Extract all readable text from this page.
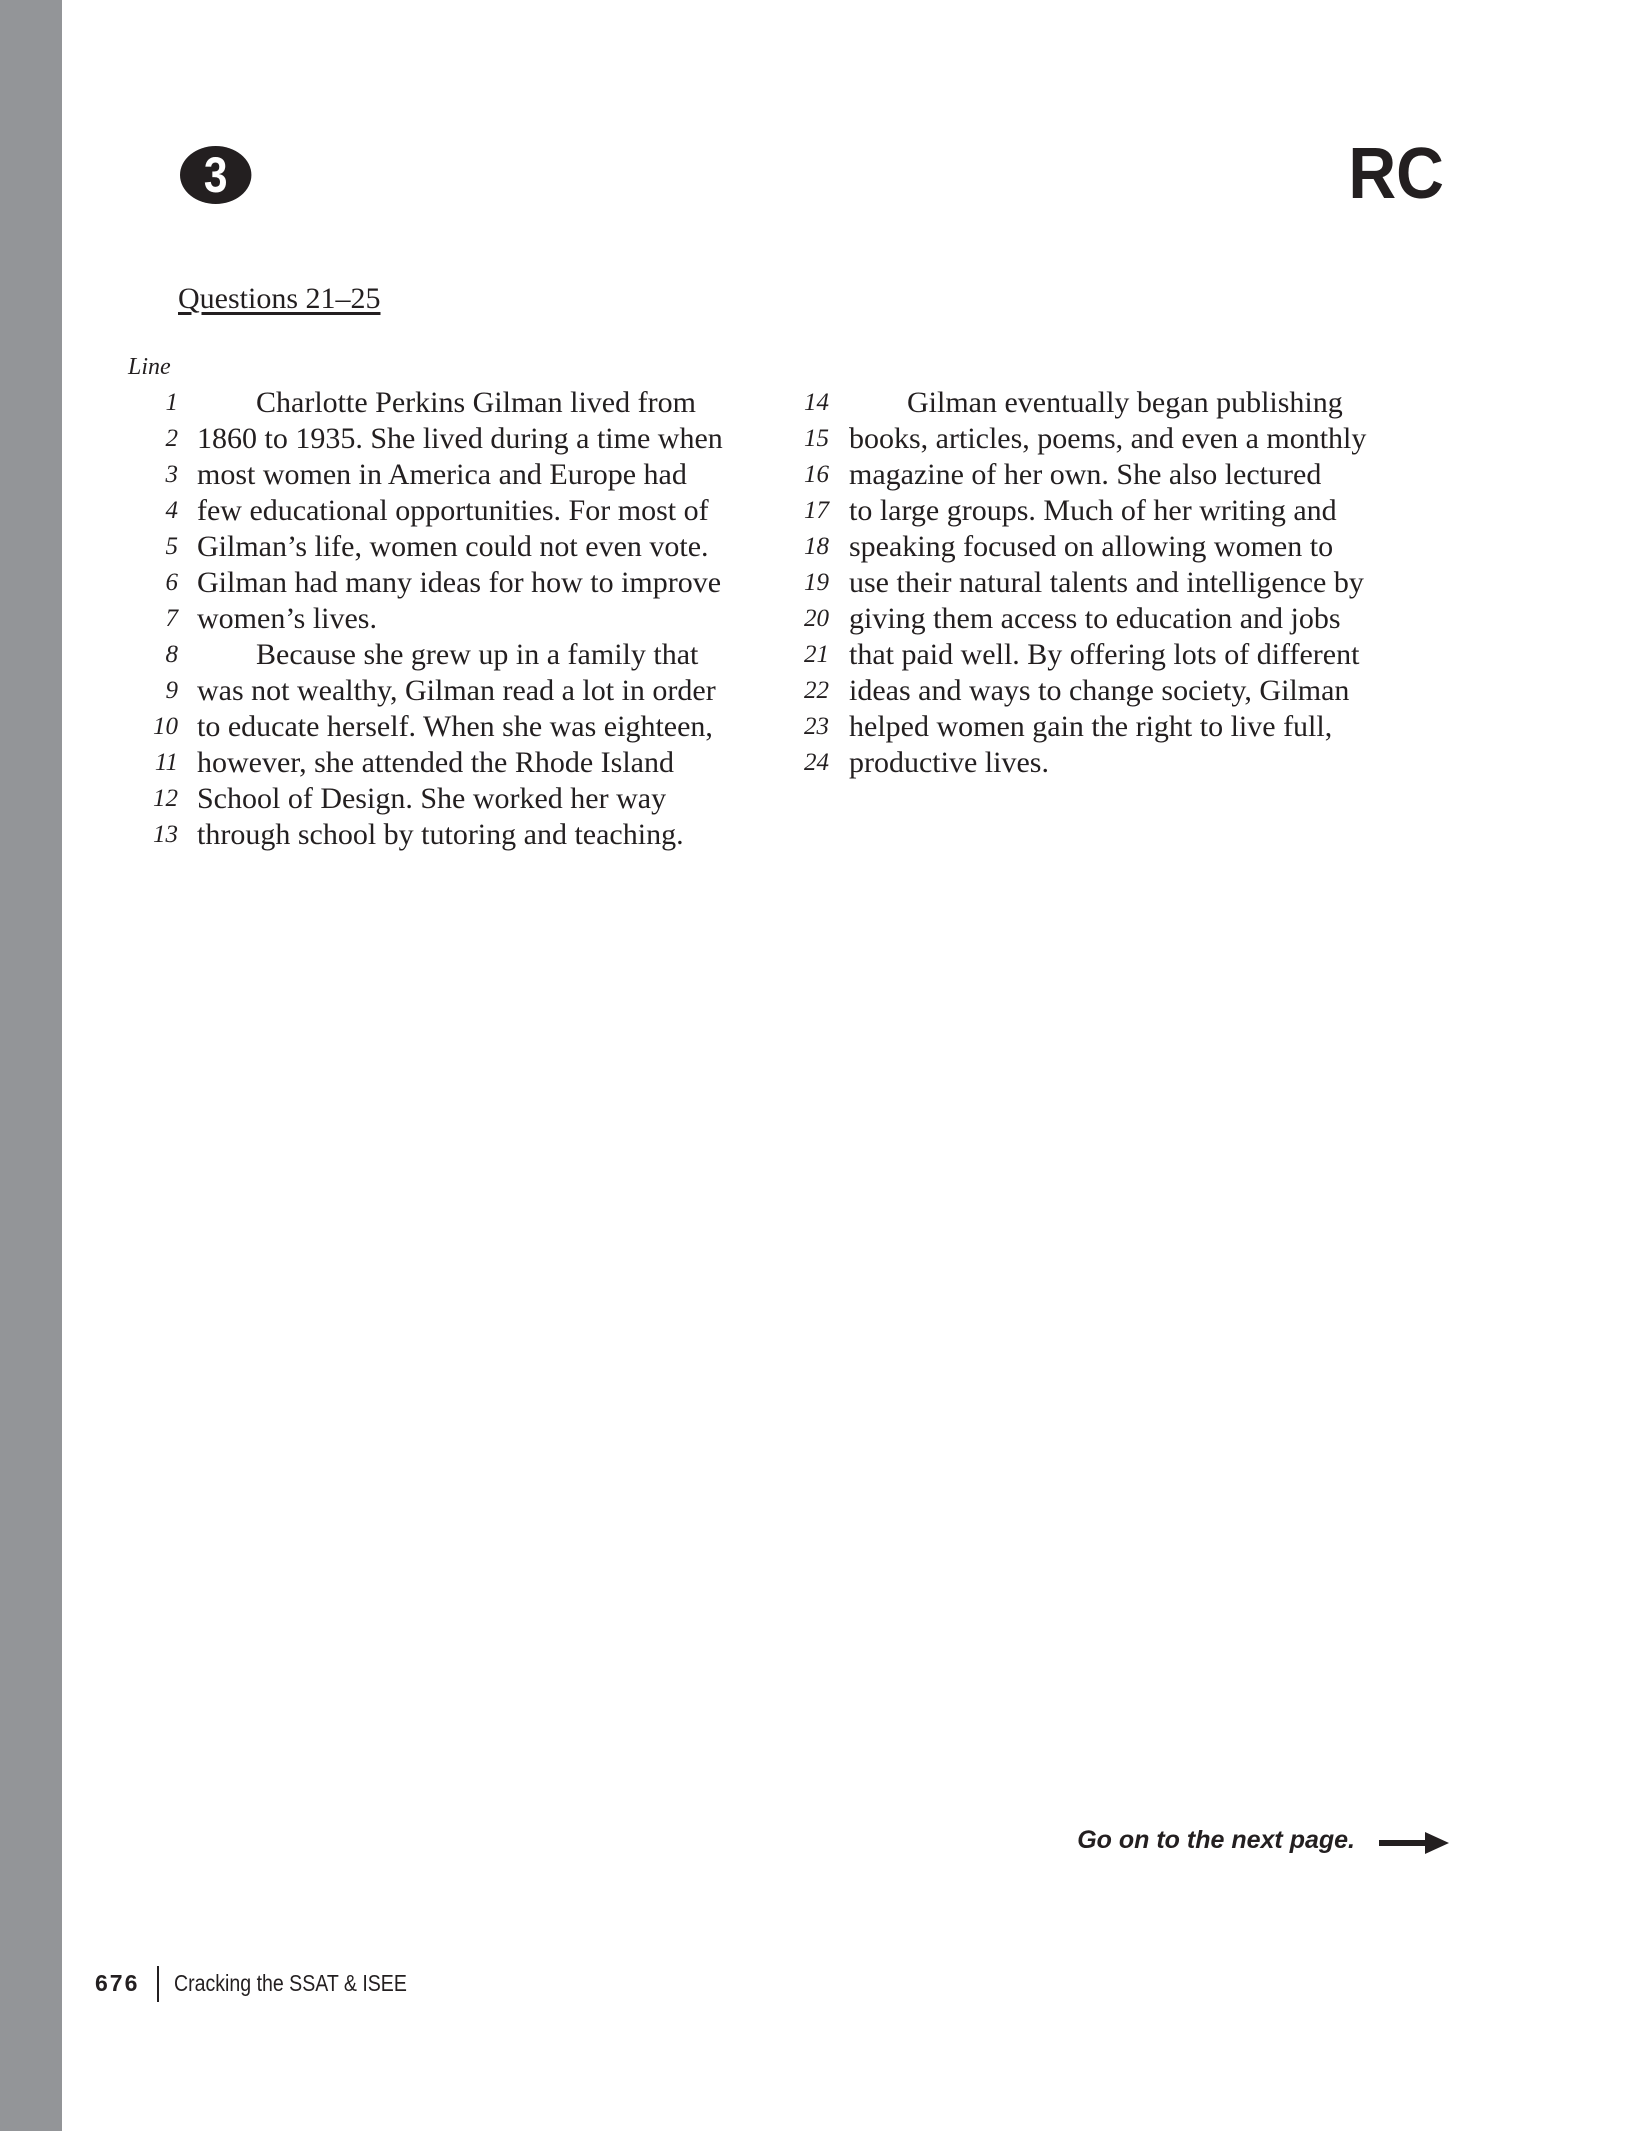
3	RC
Questions 21–25
Line
1	Charlotte Perkins Gilman lived from
2 1860 to 1935. She lived during a time when
3 most women in America and Europe had
4 few educational opportunities. For most of
5 Gilman’s life, women could not even vote.
6 Gilman had many ideas for how to improve
7 women’s lives.
8	Because she grew up in a family that
9 was not wealthy, Gilman read a lot in order
10 to educate herself. When she was eighteen,
11 however, she attended the Rhode Island
12 School of Design. She worked her way
13 through school by tutoring and teaching.
14	Gilman eventually began publishing
15 books, articles, poems, and even a monthly
16 magazine of her own. She also lectured
17 to large groups. Much of her writing and
18 speaking focused on allowing women to
19 use their natural talents and intelligence by
20 giving them access to education and jobs
21 that paid well. By offering lots of different
22 ideas and ways to change society, Gilman
23 helped women gain the right to live full,
24 productive lives.
Go on to the next page.
676 Cracking the SSAT & ISEE
